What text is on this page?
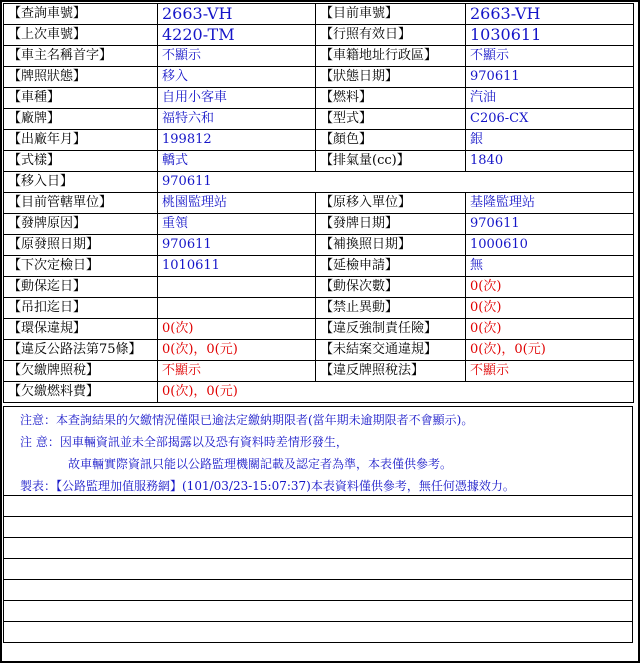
【查詢車號】	2663-VH	【目前車號】	2663-VH
【上次車號】	4220-TM	【行照有效日】	1030611
【車主名稱首字】	不顯示	【車籍地址行政區】	不顯示
【牌照狀態】	移入	【狀態日期】	970611
【車種】	自用小客車	【燃料】	汽油
【廠牌】	福特六和	【型式】	C206-CX
【出廠年月】	199812	【顏色】	銀
【式樣】	轎式	【排氣量(cc)】	1840
【移入日】	970611		
【目前管轄單位】	桃園監理站	【原移入單位】	基隆監理站
【發牌原因】	重領	【發牌日期】	970611
【原發照日期】	970611	【補換照日期】	1000610
【下次定檢日】	1010611	【延檢申請】	無
【動保迄日】		【動保次數】	0(次)
【吊扣迄日】		【禁止異動】	0(次)
【環保違規】	0(次)	【違反強制責任險】	0(次)
【違反公路法第75條】	0(次)，0(元)	【未結案交通違規】	0(次)，0(元)
【欠繳牌照稅】	不顯示	【違反牌照稅法】	不顯示
【欠繳燃料費】	0(次)，0(元)		
注意：本查詢結果的欠繳情況僅限已逾法定繳納期限者(當年期未逾期限者不會顯示)。
注 意：因車輛資訊並未全部揭露以及恐有資料時差情形發生，
故車輛實際資訊只能以公路監理機關記載及認定者為準，本表僅供參考。
製表：【公路監理加值服務網】(101/03/23-15:07:37)本表資料僅供參考，無任何憑據效力。
